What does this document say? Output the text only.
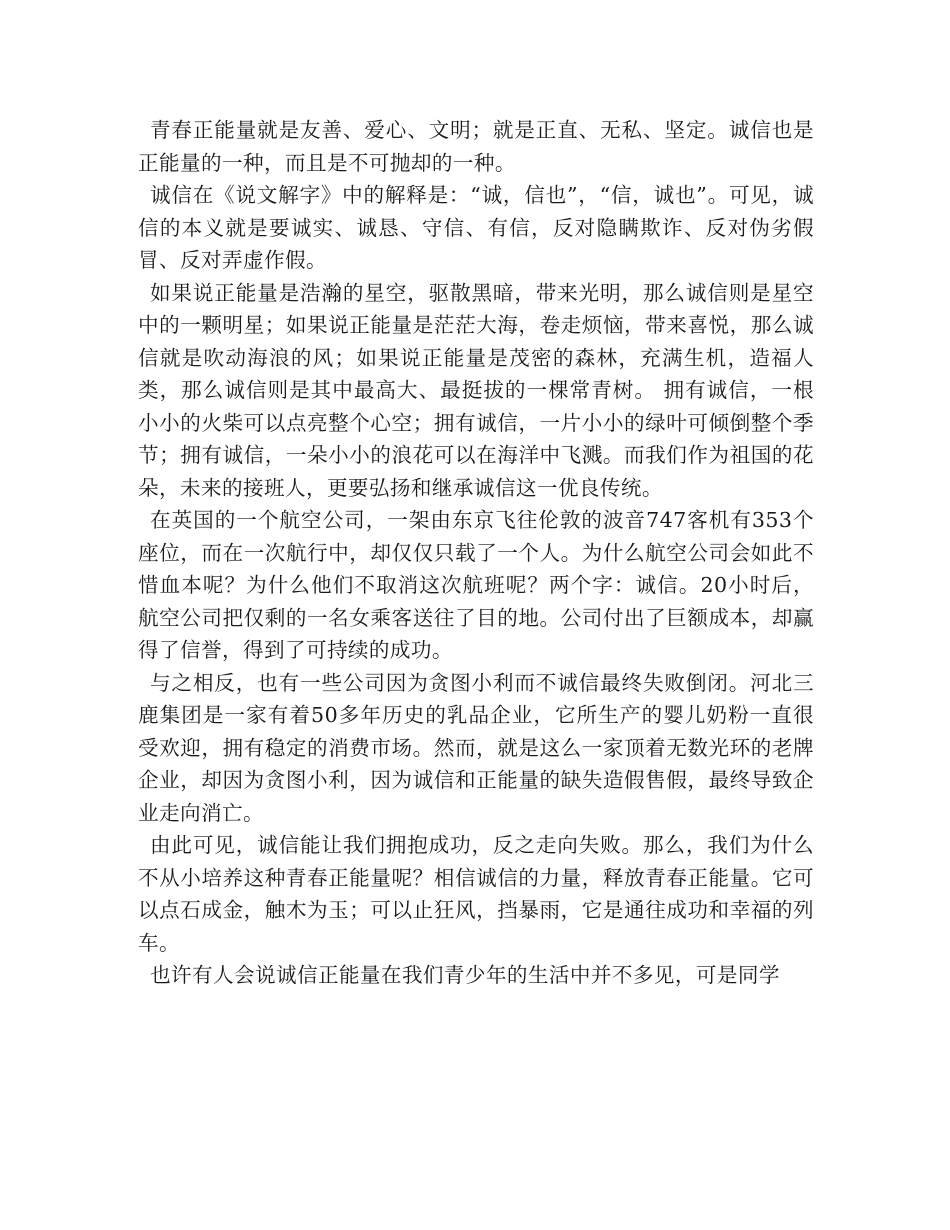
青春正能量就是友善、爱心、文明；就是正直、无私、坚定。诚信也是正能量的一种，而且是不可抛却的一种。

诚信在《说文解字》中的解释是：“诚，信也”，“信，诚也”。可见，诚信的本义就是要诚实、诚恳、守信、有信，反对隐瞒欺诈、反对伪劣假冒、反对弄虚作假。

如果说正能量是浩瀚的星空，驱散黑暗，带来光明，那么诚信则是星空中的一颗明星；如果说正能量是茫茫大海，卷走烦恼，带来喜悦，那么诚信就是吹动海浪的风；如果说正能量是茂密的森林，充满生机，造福人类，那么诚信则是其中最高大、最挺拔的一棵常青树。 拥有诚信，一根小小的火柴可以点亮整个心空；拥有诚信，一片小小的绿叶可倾倒整个季节；拥有诚信，一朵小小的浪花可以在海洋中飞溅。而我们作为祖国的花朵，未来的接班人，更要弘扬和继承诚信这一优良传统。

在英国的一个航空公司，一架由东京飞往伦敦的波音747客机有353个座位，而在一次航行中，却仅仅只载了一个人。为什么航空公司会如此不惜血本呢？为什么他们不取消这次航班呢？两个字：诚信。20小时后，航空公司把仅剩的一名女乘客送往了目的地。公司付出了巨额成本，却赢得了信誉，得到了可持续的成功。

与之相反，也有一些公司因为贪图小利而不诚信最终失败倒闭。河北三鹿集团是一家有着50多年历史的乳品企业，它所生产的婴儿奶粉一直很受欢迎，拥有稳定的消费市场。然而，就是这么一家顶着无数光环的老牌企业，却因为贪图小利，因为诚信和正能量的缺失造假售假，最终导致企业走向消亡。

由此可见，诚信能让我们拥抱成功，反之走向失败。那么，我们为什么不从小培养这种青春正能量呢？相信诚信的力量，释放青春正能量。它可以点石成金，触木为玉；可以止狂风，挡暴雨，它是通往成功和幸福的列车。

也许有人会说诚信正能量在我们青少年的生活中并不多见，可是同学
